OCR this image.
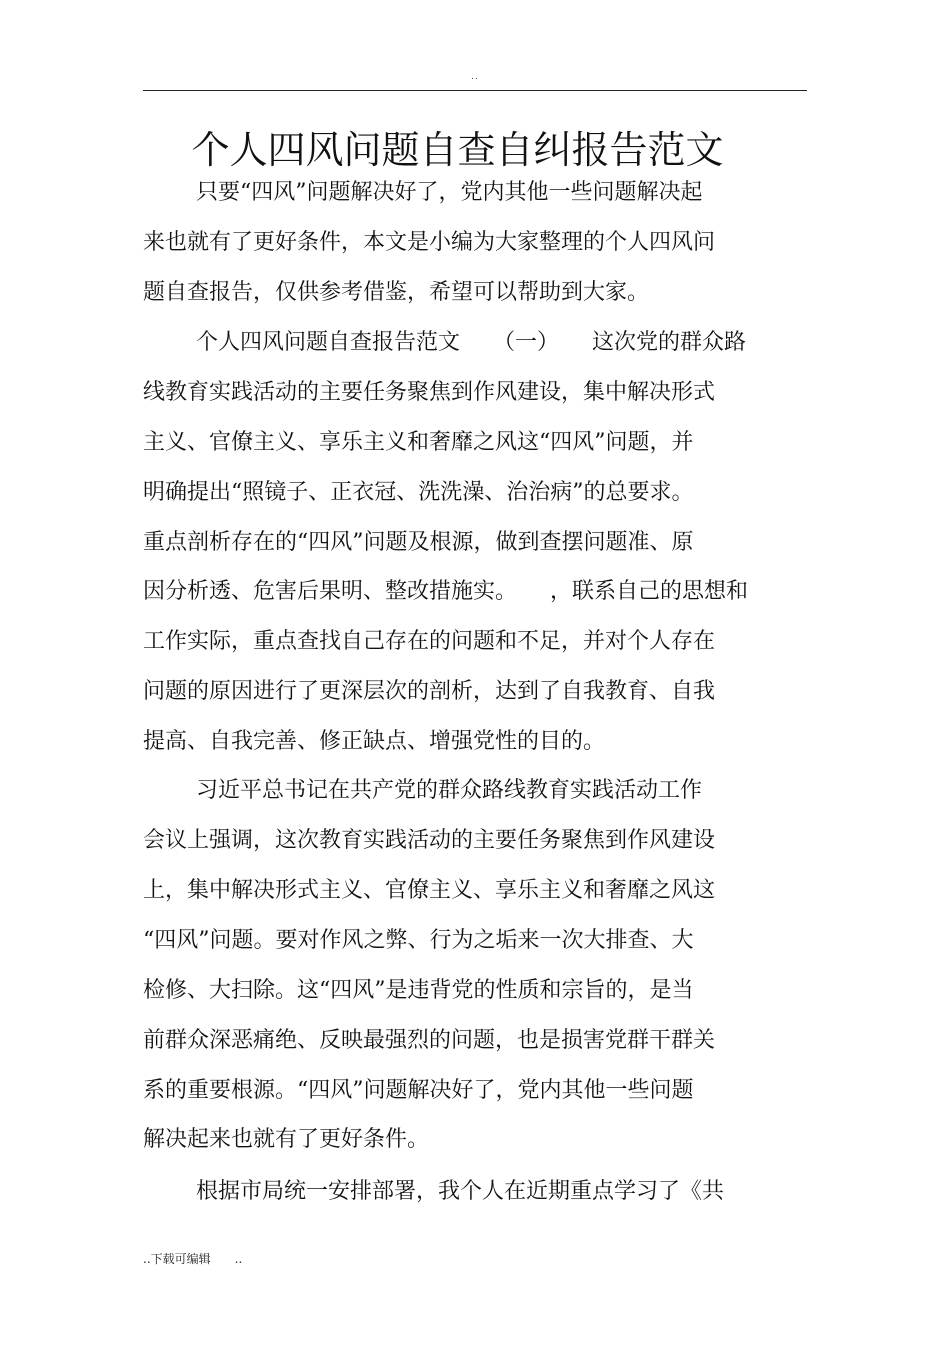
..
个人四风问题自查自纠报告范文
只要“四风”问题解决好了，党内其他一些问题解决起
来也就有了更好条件，本文是小编为大家整理的个人四风问
题自查报告，仅供参考借鉴，希望可以帮助到大家。
个人四风问题自查报告范文　　（一）　　这次党的群众路
线教育实践活动的主要任务聚焦到作风建设，集中解决形式
主义、官僚主义、享乐主义和奢靡之风这“四风”问题，并
明确提出“照镜子、正衣冠、洗洗澡、治治病”的总要求。
重点剖析存在的“四风”问题及根源，做到查摆问题准、原
因分析透、危害后果明、整改措施实。　　，联系自己的思想和
工作实际，重点查找自己存在的问题和不足，并对个人存在
问题的原因进行了更深层次的剖析，达到了自我教育、自我
提高、自我完善、修正缺点、增强党性的目的。
习近平总书记在共产党的群众路线教育实践活动工作
会议上强调，这次教育实践活动的主要任务聚焦到作风建设
上，集中解决形式主义、官僚主义、享乐主义和奢靡之风这
“四风”问题。要对作风之弊、行为之垢来一次大排查、大
检修、大扫除。这“四风”是违背党的性质和宗旨的，是当
前群众深恶痛绝、反映最强烈的问题，也是损害党群干群关
系的重要根源。“四风”问题解决好了，党内其他一些问题
解决起来也就有了更好条件。
根据市局统一安排部署，我个人在近期重点学习了《共
..下载可编辑　　..
